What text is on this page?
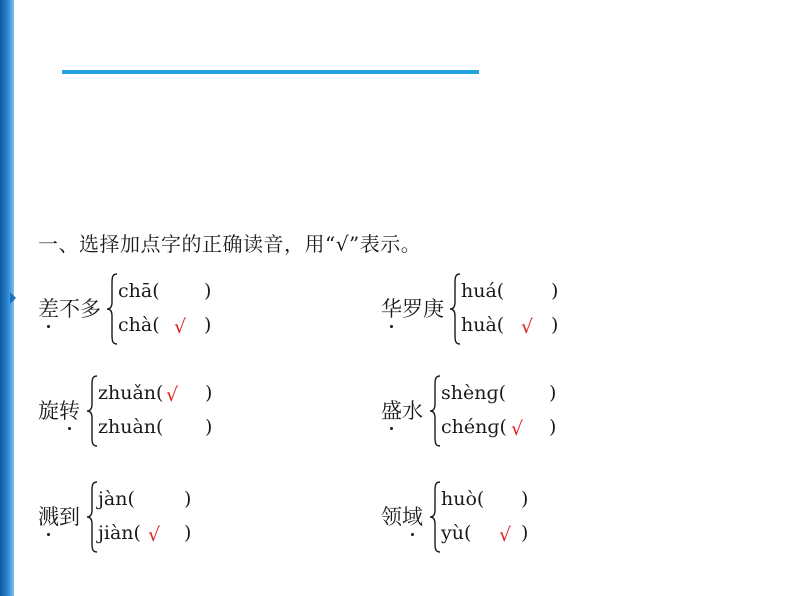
一、选择加点字的正确读音，用“√”表示。
差不多
chā( )
chà( √ )
华罗庚
huá( )
huà( √ )
旋转
zhuǎn( √ )
zhuàn( )
盛水
shènɡ( )
chénɡ( √ )
溅到
jàn(	)
jiàn( √ )
领域
huò( )
yù( √ )
